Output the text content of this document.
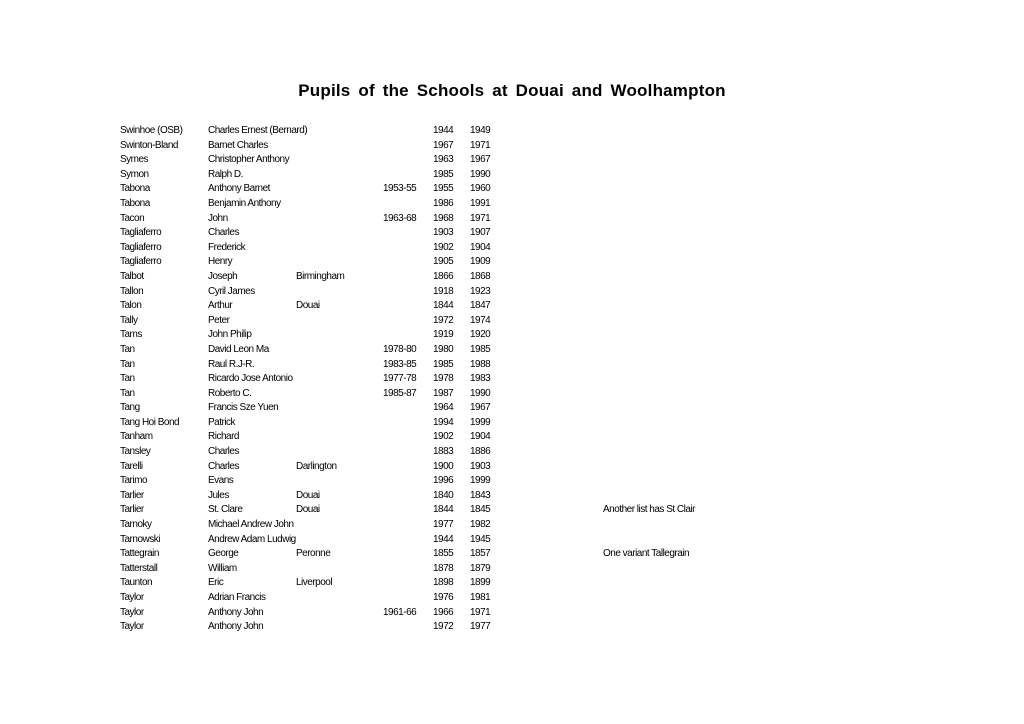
Pupils of the Schools at Douai and Woolhampton
Swinhoe (OSB)	Charles Ernest (Bernard)	1944	1949
Swinton-Bland	Barnet Charles	1967	1971
Symes	Christopher Anthony	1963	1967
Symon	Ralph D.	1985	1990
Tabona	Anthony Barnet	1953-55	1955	1960
Tabona	Benjamin Anthony	1986	1991
Tacon	John	1963-68	1968	1971
Tagliaferro	Charles	1903	1907
Tagliaferro	Frederick	1902	1904
Tagliaferro	Henry	1905	1909
Talbot	Joseph	Birmingham	1866	1868
Tallon	Cyril James	1918	1923
Talon	Arthur	Douai	1844	1847
Tally	Peter	1972	1974
Tams	John Philip	1919	1920
Tan	David Leon Ma	1978-80	1980	1985
Tan	Raul R.J-R.	1983-85	1985	1988
Tan	Ricardo Jose Antonio	1977-78	1978	1983
Tan	Roberto C.	1985-87	1987	1990
Tang	Francis Sze Yuen	1964	1967
Tang Hoi Bond	Patrick	1994	1999
Tanham	Richard	1902	1904
Tansley	Charles	1883	1886
Tarelli	Charles	Darlington	1900	1903
Tarimo	Evans	1996	1999
Tarlier	Jules	Douai	1840	1843
Tarlier	St. Clare	Douai	1844	1845	Another list has St Clair
Tarnoky	Michael Andrew John	1977	1982
Tarnowski	Andrew Adam Ludwig	1944	1945
Tattegrain	George	Peronne	1855	1857	One variant Tallegrain
Tatterstall	William	1878	1879
Taunton	Eric	Liverpool	1898	1899
Taylor	Adrian Francis	1976	1981
Taylor	Anthony John	1961-66	1966	1971
Taylor	Anthony John	1972	1977
